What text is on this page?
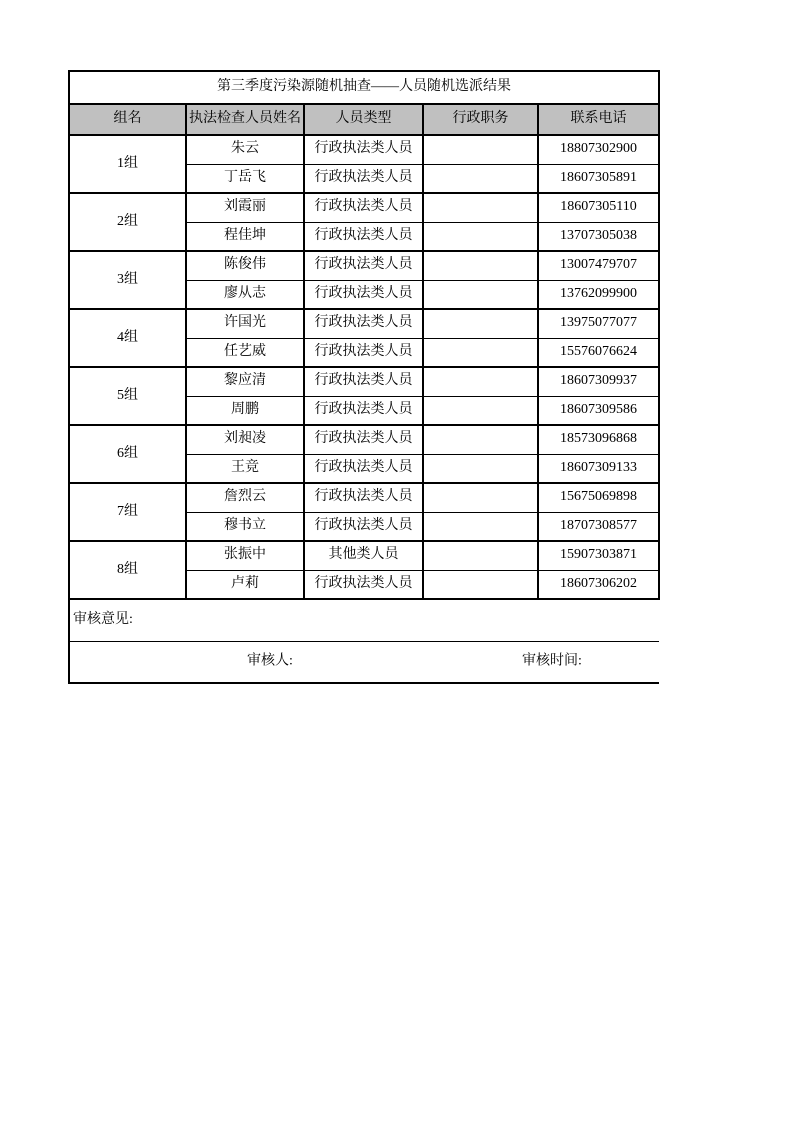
第三季度污染源随机抽查——人员随机选派结果				
组名	执法检查人员姓名	人员类型	行政职务	联系电话
1组	朱云	行政执法类人员		18807302900
	丁岳飞	行政执法类人员		18607305891
2组	刘霞丽	行政执法类人员		18607305110
	程佳坤	行政执法类人员		13707305038
3组	陈俊伟	行政执法类人员		13007479707
	廖从志	行政执法类人员		13762099900
4组	许国光	行政执法类人员		13975077077
	任艺威	行政执法类人员		15576076624
5组	黎应清	行政执法类人员		18607309937
	周鹏	行政执法类人员		18607309586
6组	刘昶凌	行政执法类人员		18573096868
	王竞	行政执法类人员		18607309133
7组	詹烈云	行政执法类人员		15675069898
	穆书立	行政执法类人员		18707308577
8组	张振中	其他类人员		15907303871
	卢莉	行政执法类人员		18607306202
审核意见:				

审核人: 审核时间:				
